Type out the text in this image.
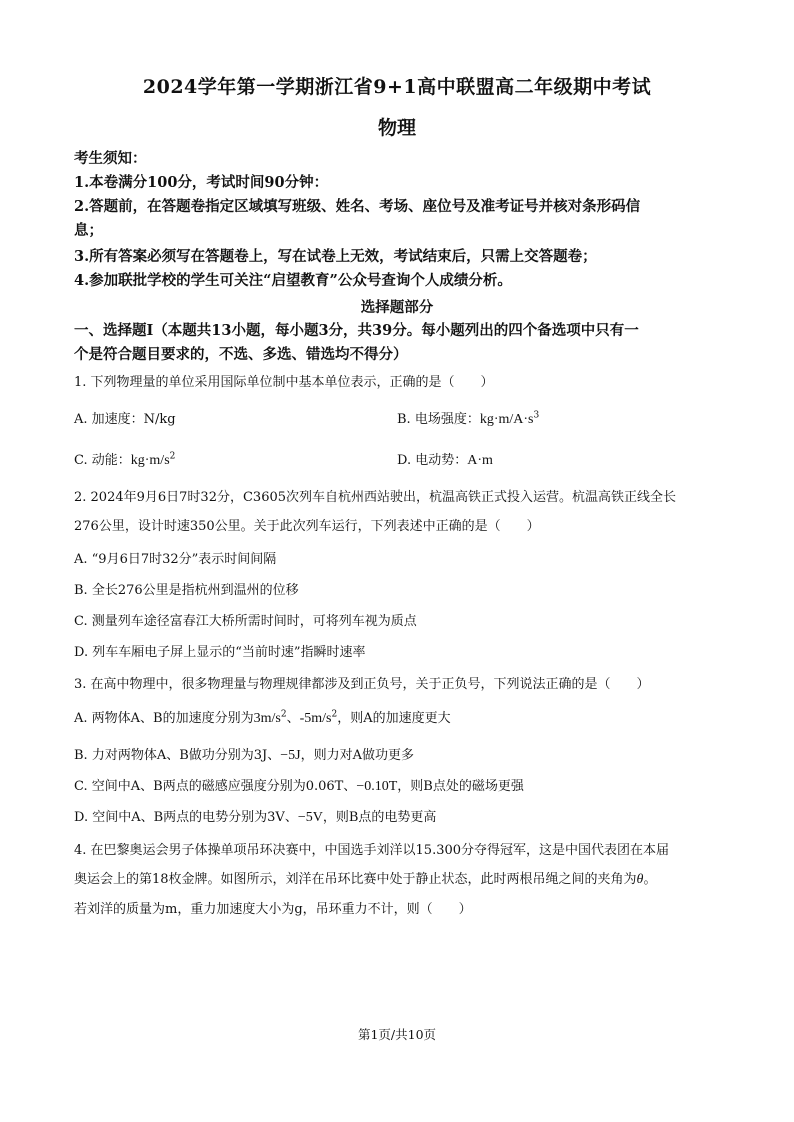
2024学年第一学期浙江省9+1高中联盟高二年级期中考试
物理
考生须知：
1.本卷满分100分，考试时间90分钟：
2.答题前，在答题卷指定区域填写班级、姓名、考场、座位号及准考证号并核对条形码信
息；
3.所有答案必须写在答题卷上，写在试卷上无效，考试结束后，只需上交答题卷；
4.参加联批学校的学生可关注“启望教育”公众号查询个人成绩分析。
选择题部分
一、选择题Ⅰ（本题共13小题，每小题3分，共39分。每小题列出的四个备选项中只有一
个是符合题目要求的，不选、多选、错选均不得分）
1. 下列物理量的单位采用国际单位制中基本单位表示，正确的是（　　）
A. 加速度：N/kg	B. 电场强度：$kg\cdot m/A\cdot s^3$
C. 动能：$kg\cdot m/s^2$	D. 电动势：A·m
2. 2024年9月6日7时32分，C3605次列车自杭州西站驶出，杭温高铁正式投入运营。杭温高铁正线全长
276公里，设计时速350公里。关于此次列车运行，下列表述中正确的是（　　）
A. “9月6日7时32分”表示时间间隔
B. 全长276公里是指杭州到温州的位移
C. 测量列车途径富春江大桥所需时间时，可将列车视为质点
D. 列车车厢电子屏上显示的“当前时速”指瞬时速率
3. 在高中物理中，很多物理量与物理规律都涉及到正负号，关于正负号，下列说法正确的是（　　）
A. 两物体A、B的加速度分别为$3m/s^2$、$-5m/s^2$，则A的加速度更大
B. 力对两物体A、B做功分别为3J、−5J，则力对A做功更多
C. 空间中A、B两点的磁感应强度分别为0.06T、−0.10T，则B点处的磁场更强
D. 空间中A、B两点的电势分别为3V、−5V，则B点的电势更高
4. 在巴黎奥运会男子体操单项吊环决赛中，中国选手刘洋以15.300分夺得冠军，这是中国代表团在本届
奥运会上的第18枚金牌。如图所示，刘洋在吊环比赛中处于静止状态，此时两根吊绳之间的夹角为θ。
若刘洋的质量为m，重力加速度大小为g，吊环重力不计，则（　　）
第1页/共10页
